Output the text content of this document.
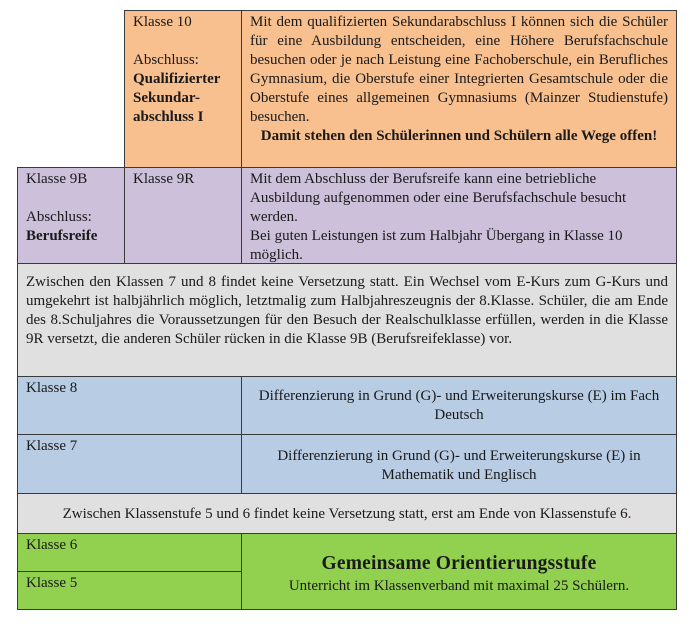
Klasse 10
Abschluss:
Qualifizierter
Sekundar-
abschluss I
Mit dem qualifizierten Sekundarabschluss I können sich die Schüler für eine Ausbildung entscheiden, eine Höhere Berufsfachschule besuchen oder je nach Leistung eine Fachoberschule, ein Berufliches Gymnasium, die Oberstufe einer Integrierten Gesamtschule oder die Oberstufe eines allgemeinen Gymnasiums (Mainzer Studienstufe) besuchen.
Damit stehen den Schülerinnen und Schülern alle Wege offen!
Klasse 9B
Abschluss:
Berufsreife
Klasse 9R	Mit dem Abschluss der Berufsreife kann eine betriebliche Ausbildung aufgenommen oder eine Berufsfachschule besucht werden.
Bei guten Leistungen ist zum Halbjahr Übergang in Klasse 10 möglich.
Zwischen den Klassen 7 und 8 findet keine Versetzung statt. Ein Wechsel vom E-Kurs zum G-Kurs und umgekehrt ist halbjährlich möglich, letztmalig zum Halbjahreszeugnis der 8.Klasse. Schüler, die am Ende des 8.Schuljahres die Voraussetzungen für den Besuch der Realschulklasse erfüllen, werden in die Klasse 9R versetzt, die anderen Schüler rücken in die Klasse 9B (Berufsreifeklasse) vor.
Klasse 8	Differenzierung in Grund (G)- und Erweiterungskurse (E) im Fach Deutsch
Klasse 7
Differenzierung in Grund (G)- und Erweiterungskurse (E) in Mathematik und Englisch
Zwischen Klassenstufe 5 und 6 findet keine Versetzung statt, erst am Ende von Klassenstufe 6.
Klasse 6
Klasse 5
Gemeinsame Orientierungsstufe
Unterricht im Klassenverband mit maximal 25 Schülern.
